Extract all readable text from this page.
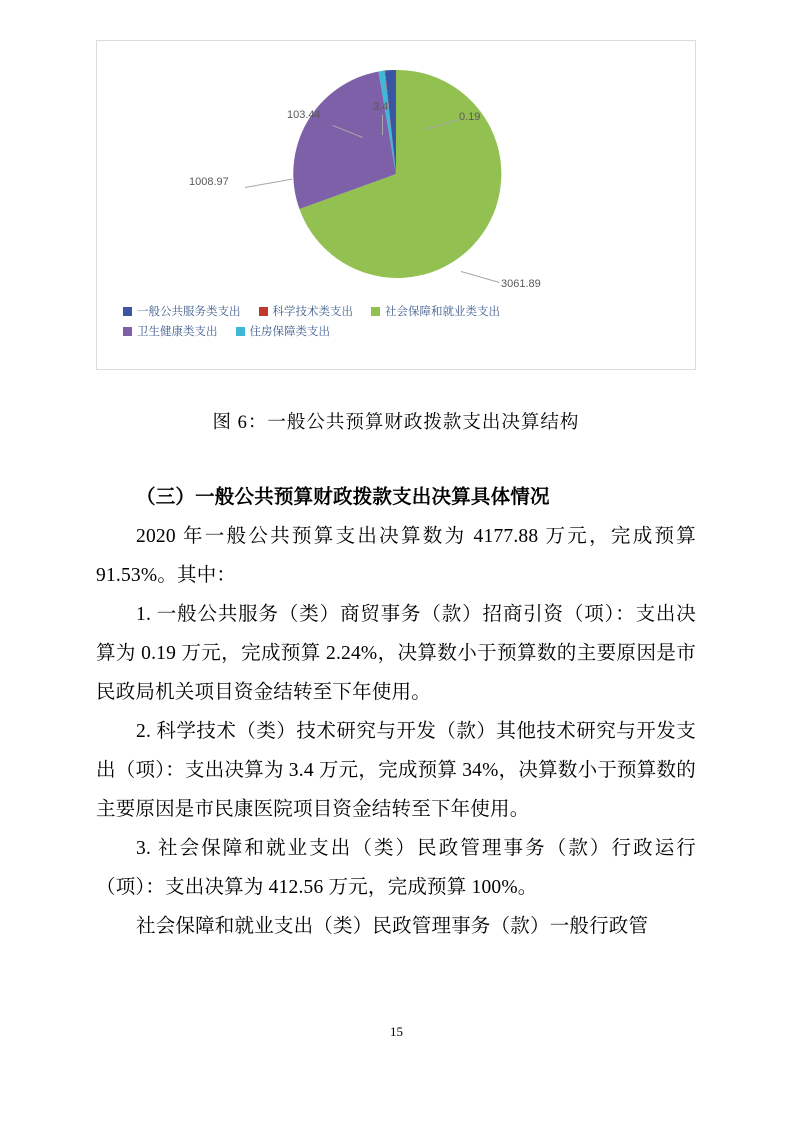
103.44
3.4
0.19
1008.97
3061.89
一般公共服务类支出	科学技术类支出	社会保障和就业类支出
卫生健康类支出	住房保障类支出
图 6：一般公共预算财政拨款支出决算结构

（三）一般公共预算财政拨款支出决算具体情况

2020 年一般公共预算支出决算数为 4177.88 万元，完成预算 91.53%。其中：

1. 一般公共服务（类）商贸事务（款）招商引资（项）：支出决算为 0.19 万元，完成预算 2.24%，决算数小于预算数的主要原因是市民政局机关项目资金结转至下年使用。

2. 科学技术（类）技术研究与开发（款）其他技术研究与开发支出（项）：支出决算为 3.4 万元，完成预算 34%，决算数小于预算数的主要原因是市民康医院项目资金结转至下年使用。

3. 社会保障和就业支出（类）民政管理事务（款）行政运行（项）：支出决算为 412.56 万元，完成预算 100%。

社会保障和就业支出（类）民政管理事务（款）一般行政管

15
